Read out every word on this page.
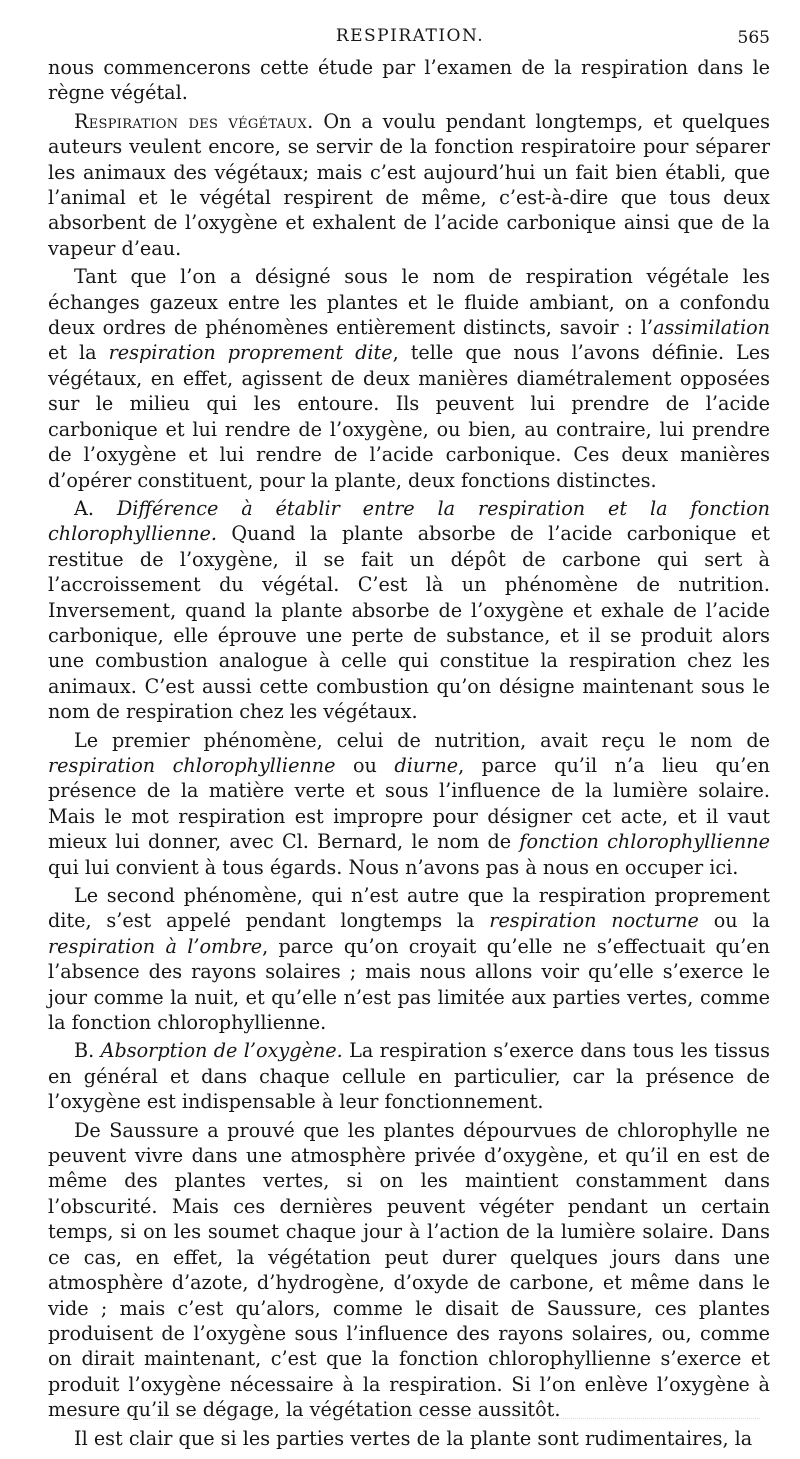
RESPIRATION.	565

nous commencerons cette étude par l’examen de la respiration dans le règne végétal.

Respiration des végétaux. On a voulu pendant longtemps, et quelques auteurs veulent encore, se servir de la fonction respiratoire pour séparer les animaux des végétaux; mais c’est aujourd’hui un fait bien établi, que l’animal et le végétal respirent de même, c’est-à-dire que tous deux absorbent de l’oxygène et exhalent de l’acide carbonique ainsi que de la vapeur d’eau.

Tant que l’on a désigné sous le nom de respiration végétale les échanges gazeux entre les plantes et le fluide ambiant, on a confondu deux ordres de phénomènes entièrement distincts, savoir : l’assimilation et la respiration proprement dite, telle que nous l’avons définie. Les végétaux, en effet, agissent de deux manières diamétralement opposées sur le milieu qui les entoure. Ils peuvent lui prendre de l’acide carbonique et lui rendre de l’oxygène, ou bien, au contraire, lui prendre de l’oxygène et lui rendre de l’acide carbonique. Ces deux manières d’opérer constituent, pour la plante, deux fonctions distinctes.

A. Différence à établir entre la respiration et la fonction chlorophyllienne. Quand la plante absorbe de l’acide carbonique et restitue de l’oxygène, il se fait un dépôt de carbone qui sert à l’accroissement du végétal. C’est là un phénomène de nutrition. Inversement, quand la plante absorbe de l’oxygène et exhale de l’acide carbonique, elle éprouve une perte de substance, et il se produit alors une combustion analogue à celle qui constitue la respiration chez les animaux. C’est aussi cette combustion qu’on désigne maintenant sous le nom de respiration chez les végétaux.

Le premier phénomène, celui de nutrition, avait reçu le nom de respiration chlorophyllienne ou diurne, parce qu’il n’a lieu qu’en présence de la matière verte et sous l’influence de la lumière solaire. Mais le mot respiration est impropre pour désigner cet acte, et il vaut mieux lui donner, avec Cl. Bernard, le nom de fonction chlorophyllienne qui lui convient à tous égards. Nous n’avons pas à nous en occuper ici.

Le second phénomène, qui n’est autre que la respiration proprement dite, s’est appelé pendant longtemps la respiration nocturne ou la respiration à l’ombre, parce qu’on croyait qu’elle ne s’effectuait qu’en l’absence des rayons solaires ; mais nous allons voir qu’elle s’exerce le jour comme la nuit, et qu’elle n’est pas limitée aux parties vertes, comme la fonction chlorophyllienne.

B. Absorption de l’oxygène. La respiration s’exerce dans tous les tissus en général et dans chaque cellule en particulier, car la présence de l’oxygène est indispensable à leur fonctionnement.

De Saussure a prouvé que les plantes dépourvues de chlorophylle ne peuvent vivre dans une atmosphère privée d’oxygène, et qu’il en est de même des plantes vertes, si on les maintient constamment dans l’obscurité. Mais ces dernières peuvent végéter pendant un certain temps, si on les soumet chaque jour à l’action de la lumière solaire. Dans ce cas, en effet, la végétation peut durer quelques jours dans une atmosphère d’azote, d’hydrogène, d’oxyde de carbone, et même dans le vide ; mais c’est qu’alors, comme le disait de Saussure, ces plantes produisent de l’oxygène sous l’influence des rayons solaires, ou, comme on dirait maintenant, c’est que la fonction chlorophyllienne s’exerce et produit l’oxygène nécessaire à la respiration. Si l’on enlève l’oxygène à mesure qu’il se dégage, la végétation cesse aussitôt.

Il est clair que si les parties vertes de la plante sont rudimentaires, la
